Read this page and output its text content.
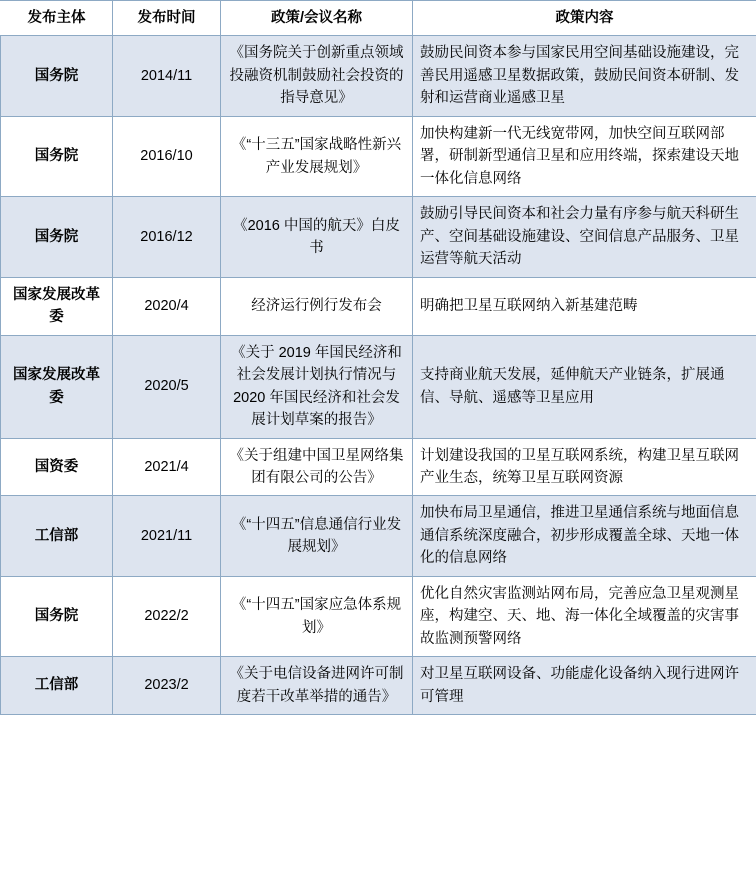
发布主体	发布时间	政策/会议名称	政策内容
国务院	2014/11	《国务院关于创新重点领域投融资机制鼓励社会投资的指导意见》	鼓励民间资本参与国家民用空间基础设施建设，完善民用遥感卫星数据政策，鼓励民间资本研制、发射和运营商业遥感卫星
国务院	2016/10	《“十三五”国家战略性新兴产业发展规划》	加快构建新一代无线宽带网，加快空间互联网部署，研制新型通信卫星和应用终端，探索建设天地一体化信息网络
国务院	2016/12	《2016 中国的航天》白皮书	鼓励引导民间资本和社会力量有序参与航天科研生产、空间基础设施建设、空间信息产品服务、卫星运营等航天活动
国家发展改革委	2020/4	经济运行例行发布会	明确把卫星互联网纳入新基建范畴
国家发展改革委	2020/5	《关于 2019 年国民经济和社会发展计划执行情况与 2020 年国民经济和社会发展计划草案的报告》	支持商业航天发展，延伸航天产业链条，扩展通信、导航、遥感等卫星应用
国资委	2021/4	《关于组建中国卫星网络集团有限公司的公告》	计划建设我国的卫星互联网系统，构建卫星互联网产业生态，统筹卫星互联网资源
工信部	2021/11	《“十四五”信息通信行业发展规划》	加快布局卫星通信，推进卫星通信系统与地面信息通信系统深度融合，初步形成覆盖全球、天地一体化的信息网络
国务院	2022/2	《“十四五”国家应急体系规划》	优化自然灾害监测站网布局，完善应急卫星观测星座，构建空、天、地、海一体化全域覆盖的灾害事故监测预警网络
工信部	2023/2	《关于电信设备进网许可制度若干改革举措的通告》	对卫星互联网设备、功能虚化设备纳入现行进网许可管理
